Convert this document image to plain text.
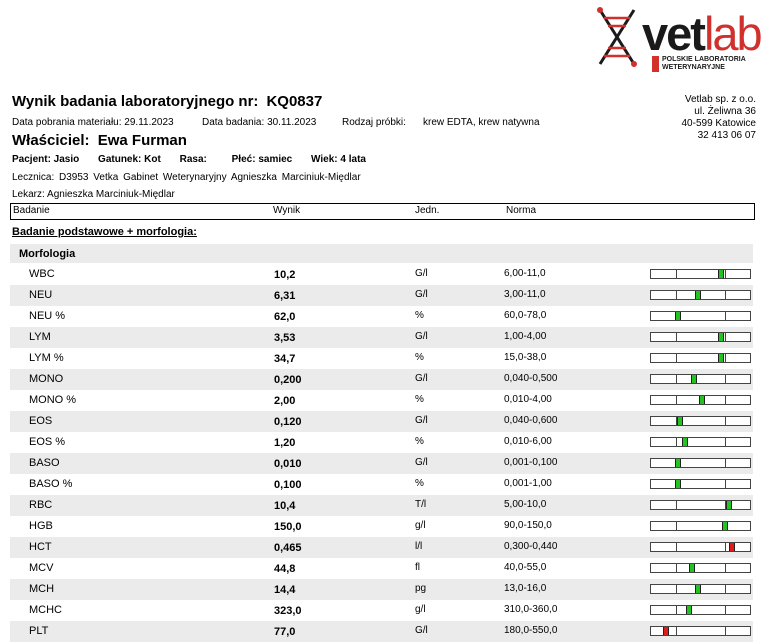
vetlab
POLSKIE LABORATORIA
WETERYNARYJNE
Wynik badania laboratoryjnego nr: KQ0837
Data pobrania materiału: 29.11.2023	Data badania: 30.11.2023	Rodzaj próbki: krew EDTA, krew natywna
Vetlab sp. z o.o.
ul. Żeliwna 36
40-599 Katowice
32 413 06 07
Właściciel: Ewa Furman
Pacjent: Jasio Gatunek: Kot Rasa: Płeć: samiec Wiek: 4 lata
Lecznica: D3953 Vetka Gabinet Weterynaryjny Agnieszka Marciniuk-Międlar
Lekarz: Agnieszka Marciniuk-Międlar
Badanie	Wynik	Jedn.	Norma
Badanie podstawowe + morfologia:
Morfologia
WBC	10,2	G/l	6,00-11,0
NEU	6,31	G/l	3,00-11,0
NEU %	62,0	%	60,0-78,0
LYM	3,53	G/l	1,00-4,00
LYM %	34,7	%	15,0-38,0
MONO	0,200	G/l	0,040-0,500
MONO %	2,00	%	0,010-4,00
EOS	0,120	G/l	0,040-0,600
EOS %	1,20	%	0,010-6,00
BASO	0,010	G/l	0,001-0,100
BASO %	0,100	%	0,001-1,00
RBC	10,4	T/l	5,00-10,0
HGB	150,0	g/l	90,0-150,0
HCT	0,465	l/l	0,300-0,440
MCV	44,8	fl	40,0-55,0
MCH	14,4	pg	13,0-16,0
MCHC	323,0	g/l	310,0-360,0
PLT	77,0	G/l	180,0-550,0
